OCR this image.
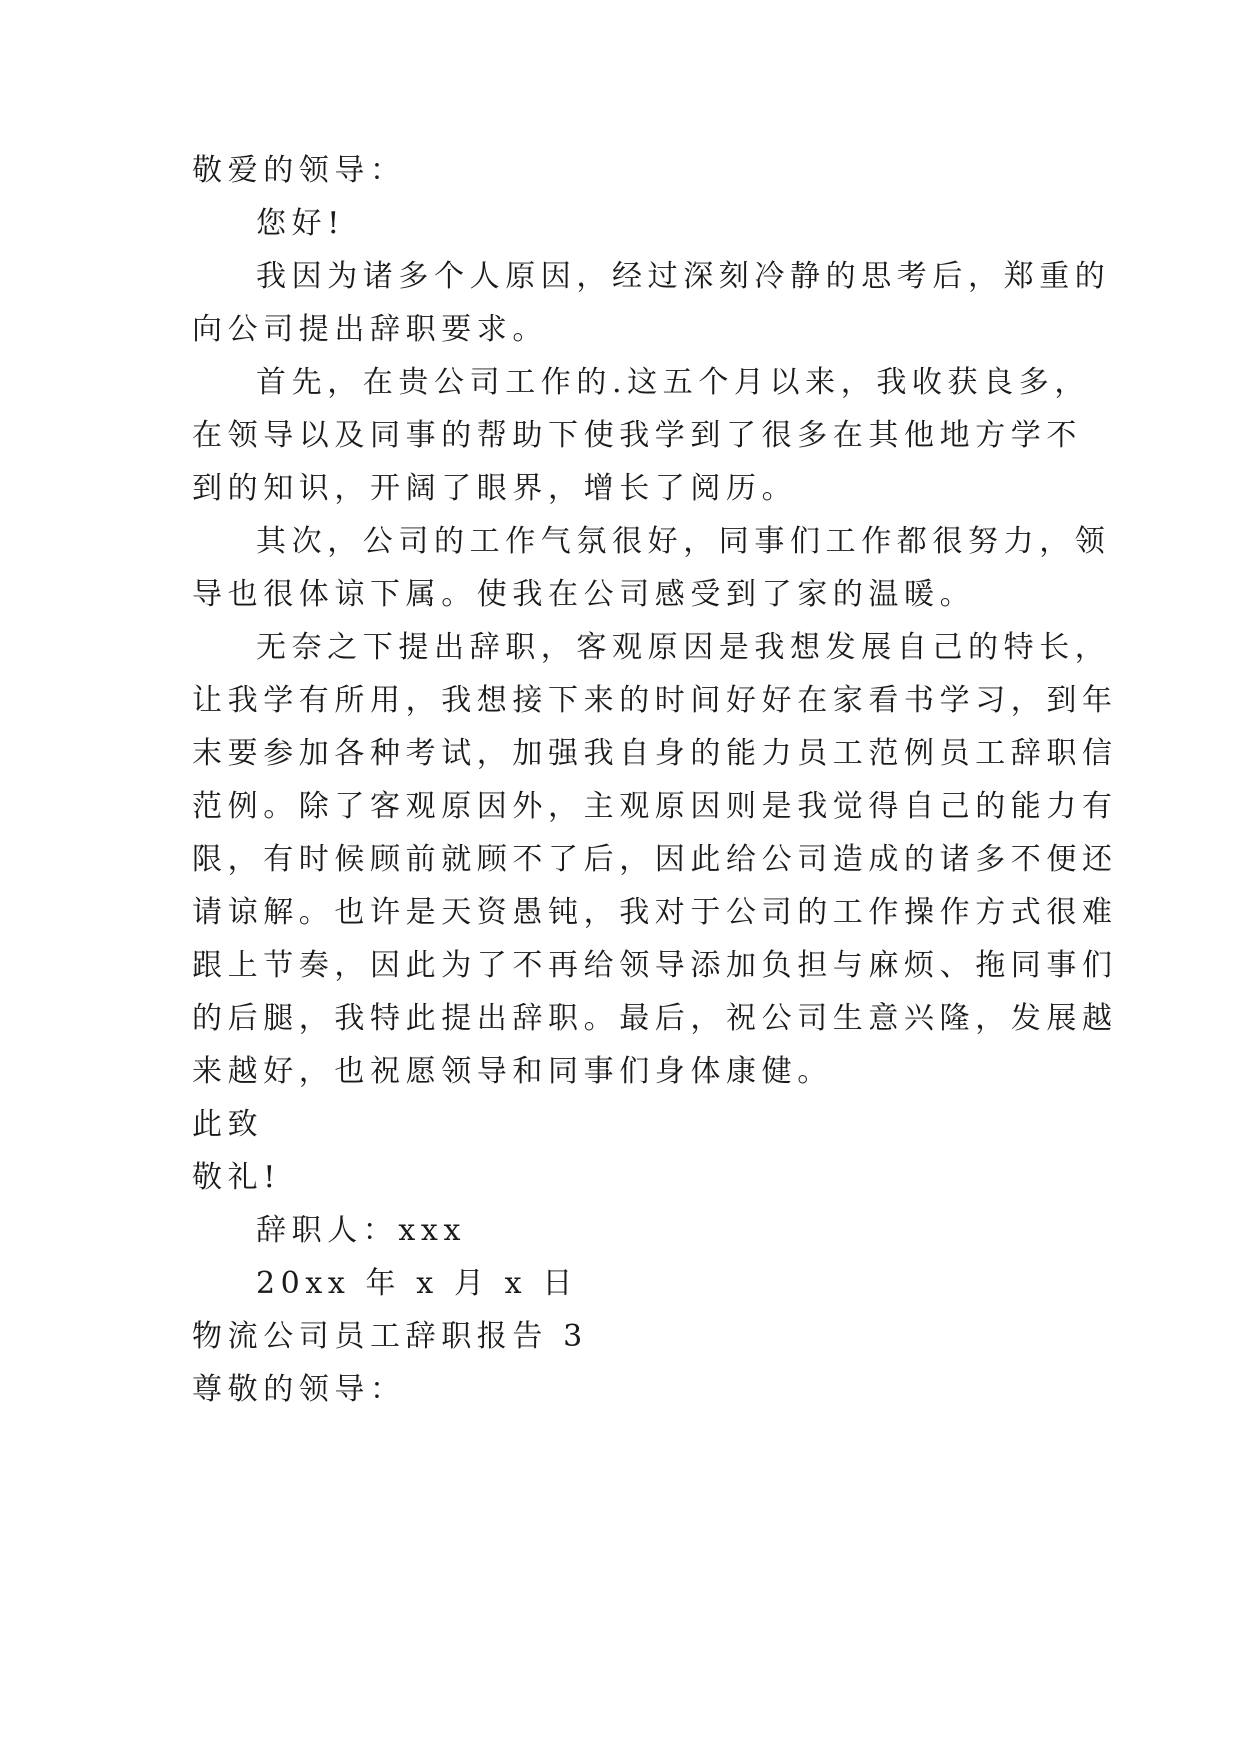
敬爱的领导：
您好!
我因为诸多个人原因，经过深刻冷静的思考后，郑重的
向公司提出辞职要求。
首先，在贵公司工作的.这五个月以来，我收获良多，
在领导以及同事的帮助下使我学到了很多在其他地方学不
到的知识，开阔了眼界，增长了阅历。
其次，公司的工作气氛很好，同事们工作都很努力，领
导也很体谅下属。使我在公司感受到了家的温暖。
无奈之下提出辞职，客观原因是我想发展自己的特长，
让我学有所用，我想接下来的时间好好在家看书学习，到年
末要参加各种考试，加强我自身的能力员工范例员工辞职信
范例。除了客观原因外，主观原因则是我觉得自己的能力有
限，有时候顾前就顾不了后，因此给公司造成的诸多不便还
请谅解。也许是天资愚钝，我对于公司的工作操作方式很难
跟上节奏，因此为了不再给领导添加负担与麻烦、拖同事们
的后腿，我特此提出辞职。最后，祝公司生意兴隆，发展越
来越好，也祝愿领导和同事们身体康健。
此致
敬礼!
辞职人：xxx
20xx 年 x 月 x 日
物流公司员工辞职报告 3
尊敬的领导：
